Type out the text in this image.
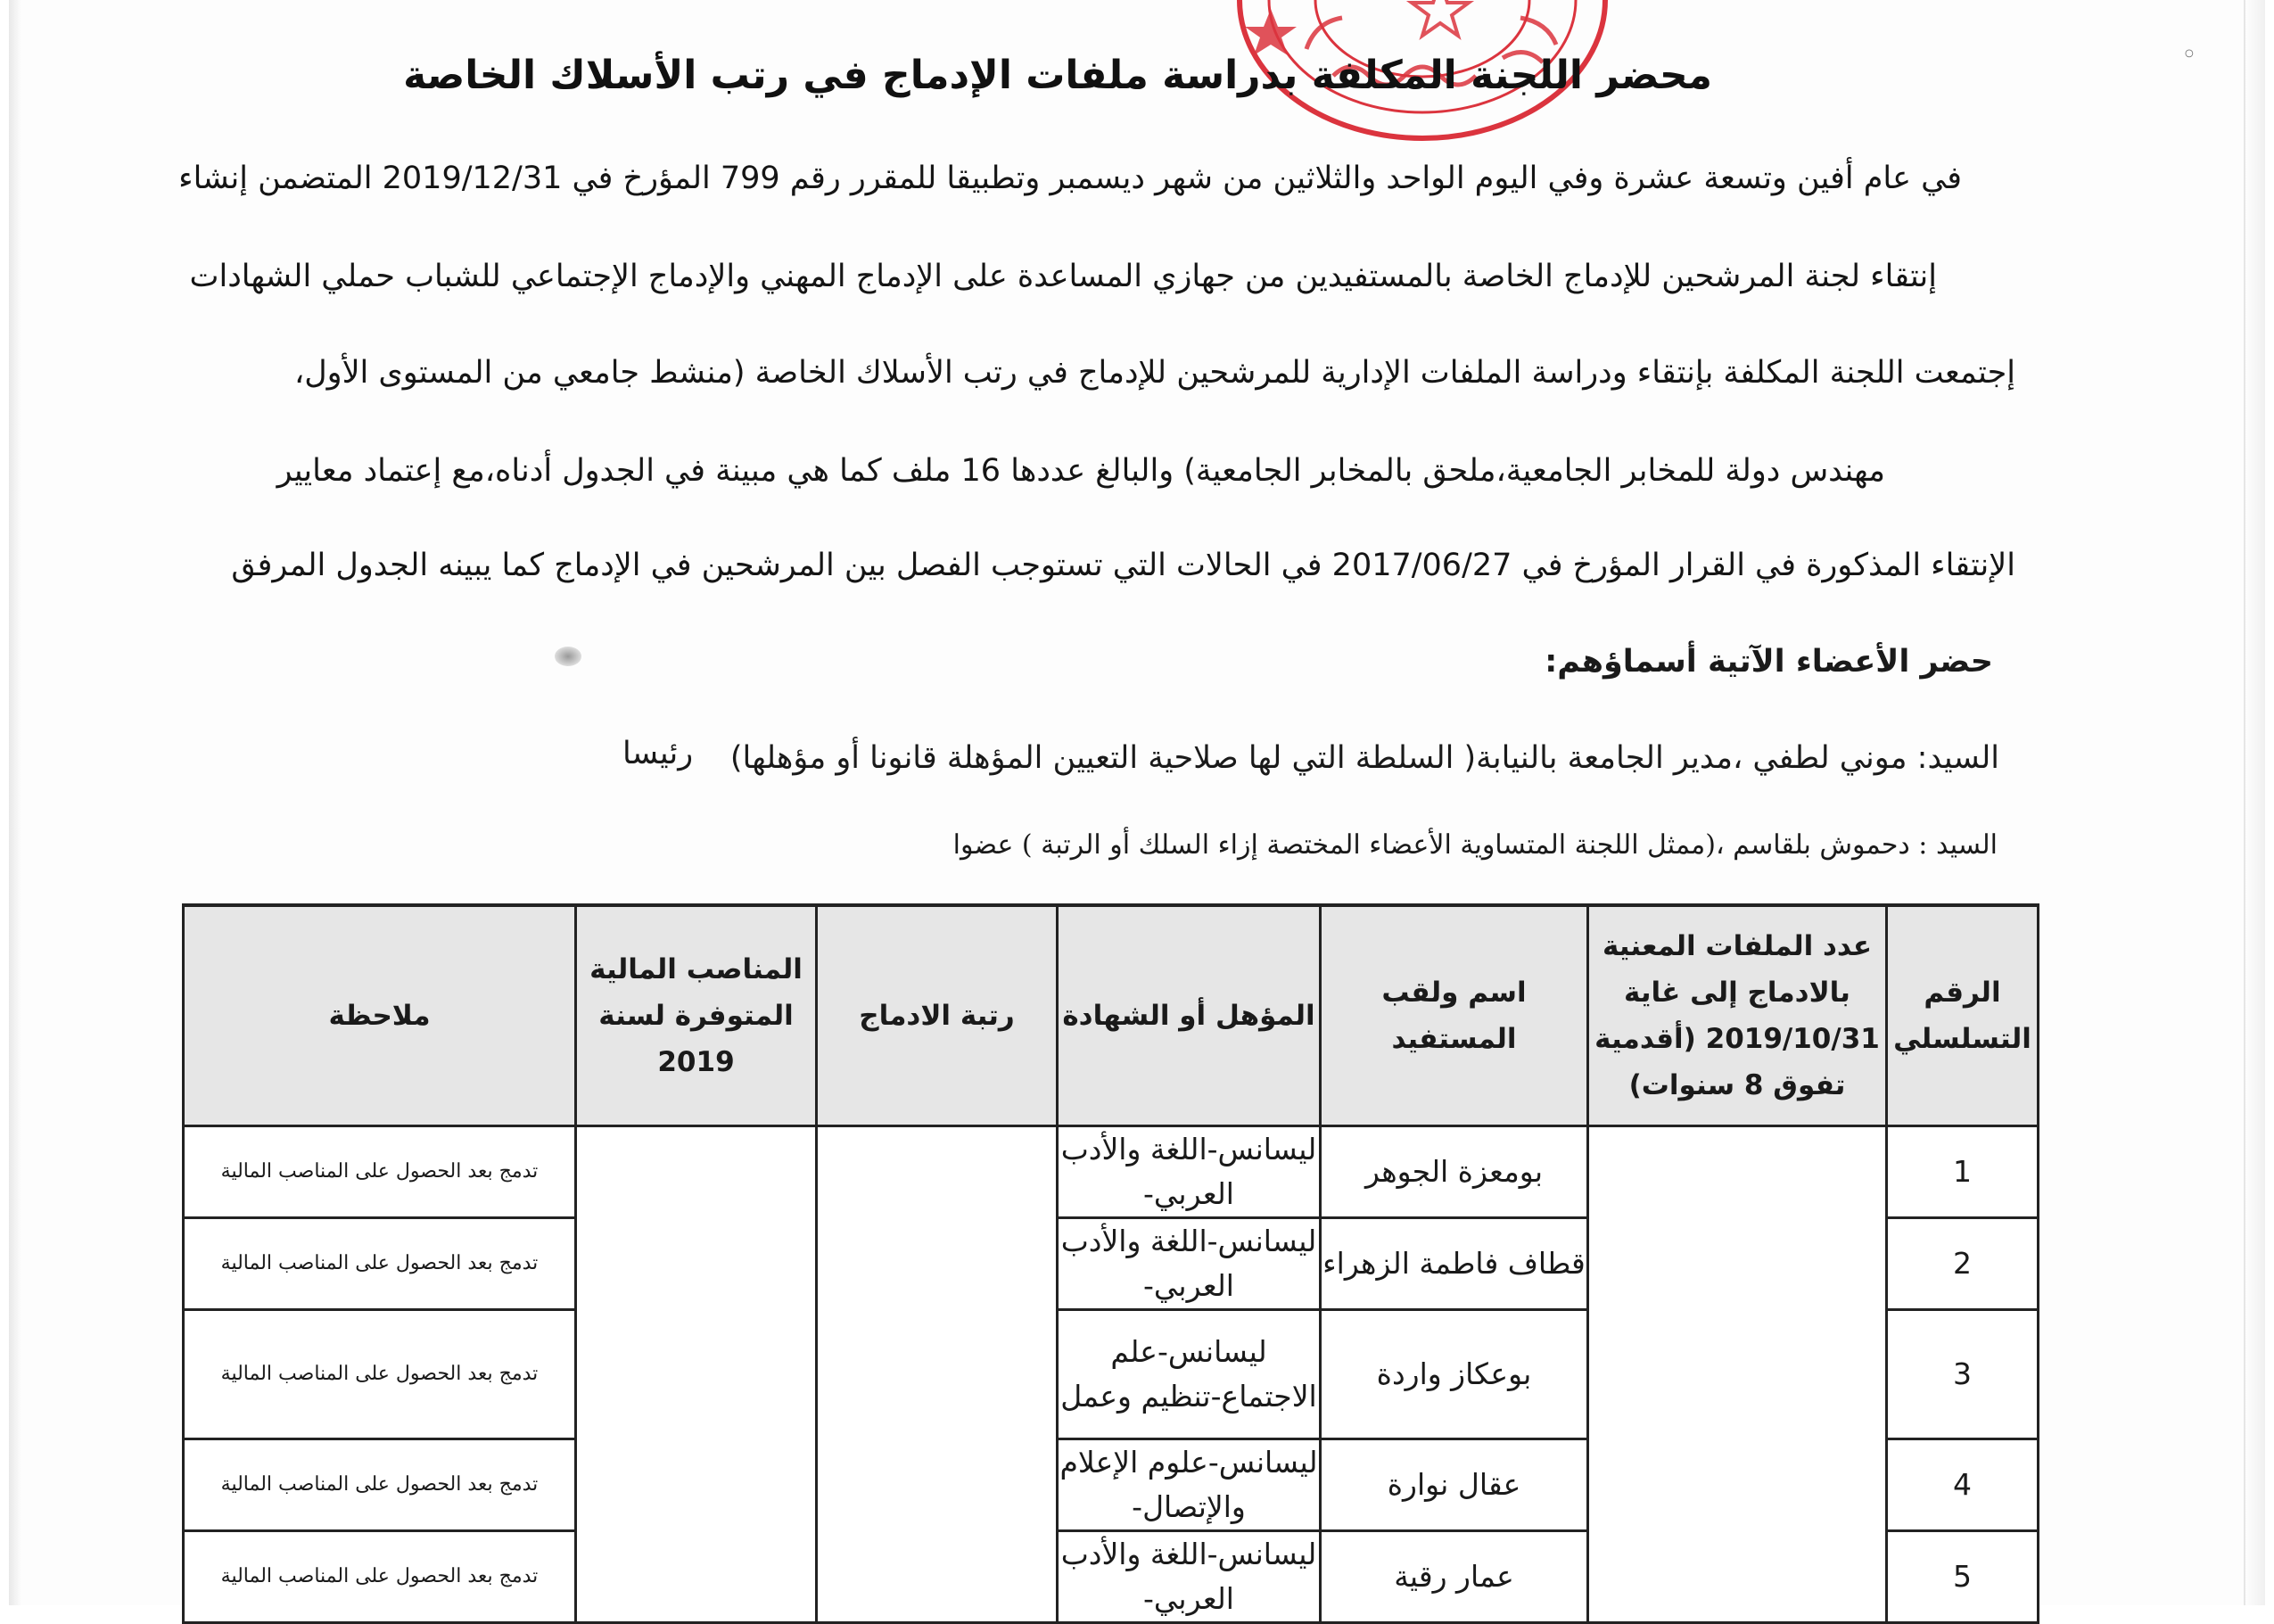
◦
محضر اللجنة المكلفة بدراسة ملفات الإدماج في رتب الأسلاك الخاصة
في عام أفين وتسعة عشرة وفي اليوم الواحد والثلاثين من شهر ديسمبر وتطبيقا للمقرر رقم 799 المؤرخ في 2019/12/31 المتضمن إنشاء
إنتقاء لجنة المرشحين للإدماج الخاصة بالمستفيدين من جهازي المساعدة على الإدماج المهني والإدماج الإجتماعي للشباب حملي الشهادات
إجتمعت اللجنة المكلفة بإنتقاء ودراسة الملفات الإدارية للمرشحين للإدماج في رتب الأسلاك الخاصة (منشط جامعي من المستوى الأول،
مهندس دولة للمخابر الجامعية،ملحق بالمخابر الجامعية) والبالغ عددها 16 ملف كما هي مبينة في الجدول أدناه،مع إعتماد معايير
الإنتقاء المذكورة في القرار المؤرخ في 2017/06/27 في الحالات التي تستوجب الفصل بين المرشحين في الإدماج كما يبينه الجدول المرفق
حضر الأعضاء الآتية أسماؤهم:
السيد: موني لطفي ،مدير الجامعة بالنيابة( السلطة التي لها صلاحية التعيين المؤهلة قانونا أو مؤهلها)
رئيسا
السيد : دحموش بلقاسم ،(ممثل اللجنة المتساوية الأعضاء المختصة إزاء السلك أو الرتبة ) عضوا
الرقم التسلسلي	عدد الملفات المعنية بالادماج إلى غاية 2019/10/31 (أقدمية تفوق 8 سنوات)	اسم ولقب المستفيد	المؤهل أو الشهادة	رتبة الادماج	المناصب المالية المتوفرة لسنة 2019	ملاحظة
1		بومعزة الجوهر	ليسانس-اللغة والأدب العربي-			تدمج بعد الحصول على المناصب المالية
2		قطاف فاطمة الزهراء	ليسانس-اللغة والأدب العربي-			تدمج بعد الحصول على المناصب المالية
3		بوعكاز واردة	ليسانس-علم الاجتماع-تنظيم وعمل			تدمج بعد الحصول على المناصب المالية
4		عقال نوارة	ليسانس-علوم الإعلام والإتصال-			تدمج بعد الحصول على المناصب المالية
5		عمار رقية	ليسانس-اللغة والأدب العربي-			تدمج بعد الحصول على المناصب المالية
